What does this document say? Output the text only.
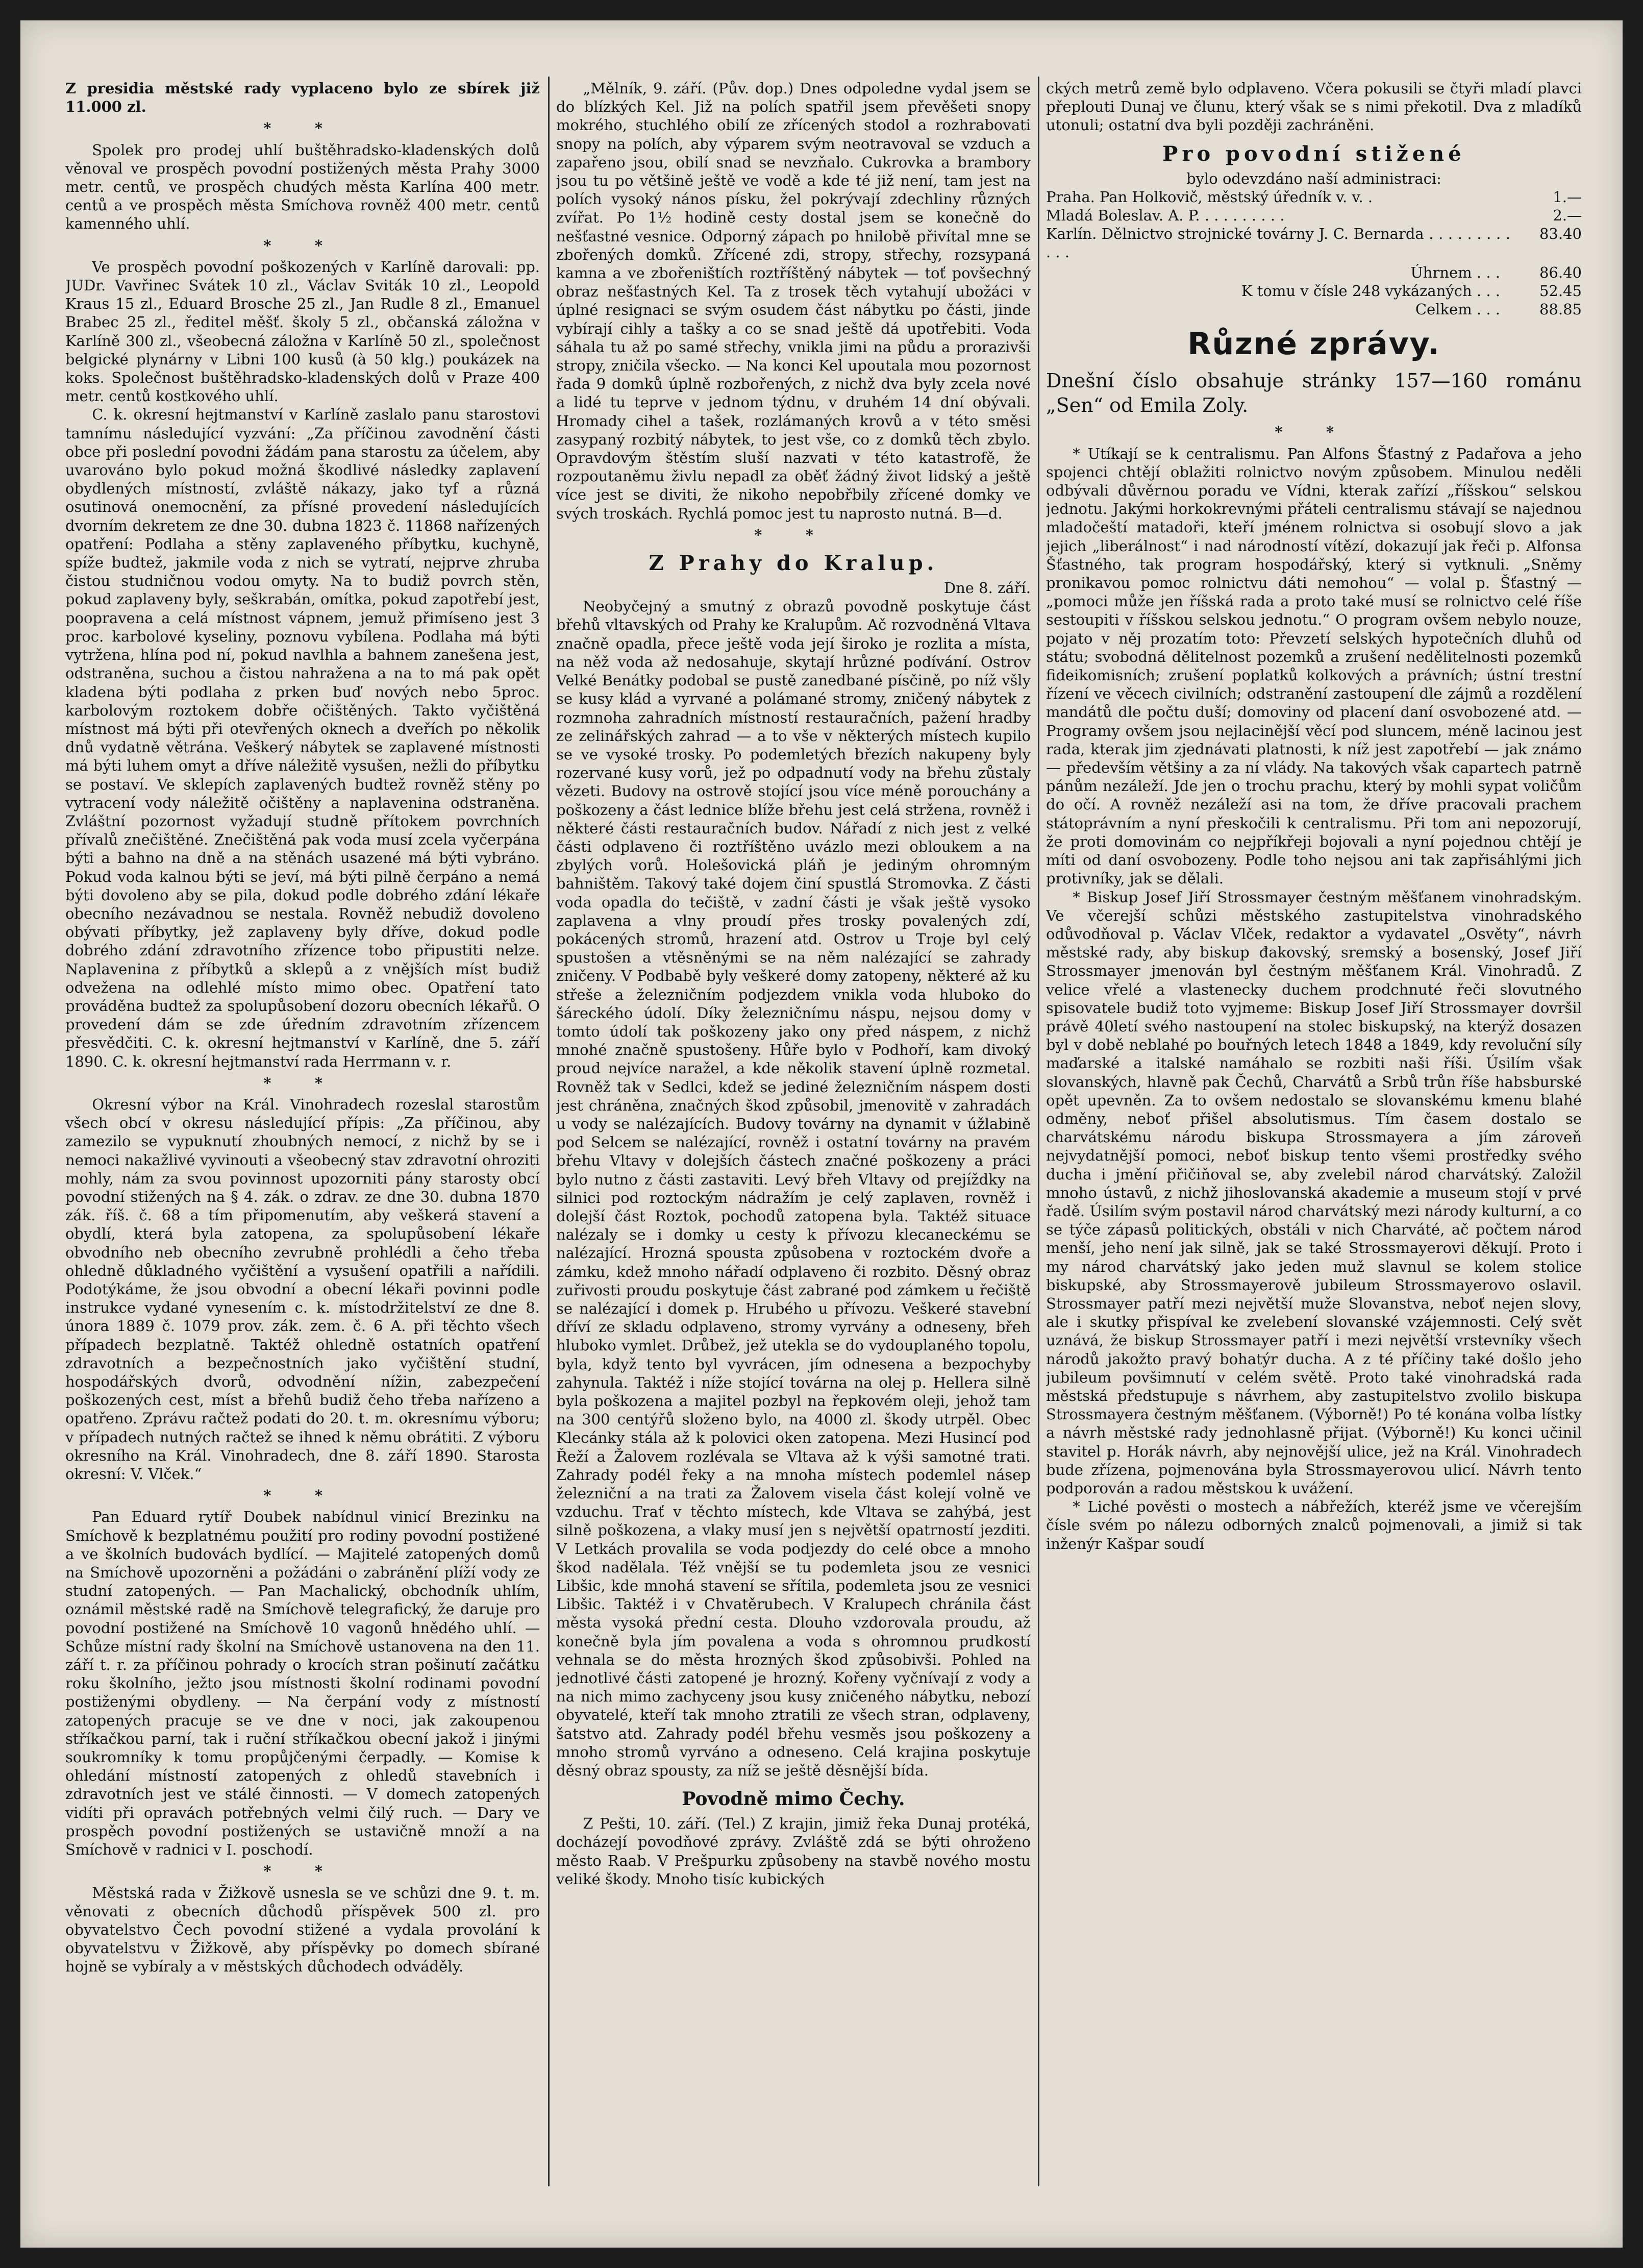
Z presidia městské rady vyplaceno bylo ze sbírek již 11.000 zl.

* *

Spolek pro prodej uhlí buštěhradsko-kladenských dolů věnoval ve prospěch povodní postižených města Prahy 3000 metr. centů, ve prospěch chudých města Karlína 400 metr. centů a ve prospěch města Smíchova rovněž 400 metr. centů kamenného uhlí.

* *

Ve prospěch povodní poškozených v Karlíně darovali: pp. JUDr. Vavřinec Svátek 10 zl., Václav Sviták 10 zl., Leopold Kraus 15 zl., Eduard Brosche 25 zl., Jan Rudle 8 zl., Emanuel Brabec 25 zl., ředitel měšť. školy 5 zl., občanská záložna v Karlíně 300 zl., všeobecná záložna v Karlíně 50 zl., společnost belgické plynárny v Libni 100 kusů (à 50 klg.) poukázek na koks. Společnost buštěhradsko-kladenských dolů v Praze 400 metr. centů kostkového uhlí.

C. k. okresní hejtmanství v Karlíně zaslalo panu starostovi tamnímu následující vyzvání: „Za příčinou zavodnění části obce při poslední povodni žádám pana starostu za účelem, aby uvarováno bylo pokud možná škodlivé následky zaplavení obydlených místností, zvláště nákazy, jako tyf a různá osutinová onemocnění, za přísné provedení následujících dvorním dekretem ze dne 30. dubna 1823 č. 11868 nařízených opatření: Podlaha a stěny zaplaveného příbytku, kuchyně, spíže budtež, jakmile voda z nich se vytratí, nejprve zhruba čistou studničnou vodou omyty. Na to budiž povrch stěn, pokud zaplaveny byly, seškrabán, omítka, pokud zapotřebí jest, poopravena a celá místnost vápnem, jemuž přimíseno jest 3 proc. karbolové kyseliny, poznovu vybílena. Podlaha má býti vytržena, hlína pod ní, pokud navlhla a bahnem zanešena jest, odstraněna, suchou a čistou nahražena a na to má pak opět kladena býti podlaha z prken buď nových nebo 5proc. karbolovým roztokem dobře očištěných. Takto vyčištěná místnost má býti při otevřených oknech a dveřích po několik dnů vydatně větrána. Veškerý nábytek se zaplavené místnosti má býti luhem omyt a dříve náležitě vysušen, nežli do příbytku se postaví. Ve sklepích zaplavených budtež rovněž stěny po vytracení vody náležitě očištěny a naplavenina odstraněna. Zvláštní pozornost vyžadují studně přítokem povrchních přívalů znečištěné. Znečištěná pak voda musí zcela vyčerpána býti a bahno na dně a na stěnách usazené má býti vybráno. Pokud voda kalnou býti se jeví, má býti pilně čerpáno a nemá býti dovoleno aby se pila, dokud podle dobrého zdání lékaře obecního nezávadnou se nestala. Rovněž nebudiž dovoleno obývati příbytky, jež zaplaveny byly dříve, dokud podle dobrého zdání zdravotního zřízence tobo připustiti nelze. Naplavenina z příbytků a sklepů a z vnějších míst budiž odvežena na odlehlé místo mimo obec. Opatření tato prováděna budtež za spolupůsobení dozoru obecních lékařů. O provedení dám se zde úředním zdravotním zřízencem přesvědčiti. C. k. okresní hejtmanství v Karlíně, dne 5. září 1890. C. k. okresní hejtmanství rada Herrmann v. r.

* *

Okresní výbor na Král. Vinohradech rozeslal starostům všech obcí v okresu následující přípis: „Za příčinou, aby zamezilo se vypuknutí zhoubných nemocí, z nichž by se i nemoci nakažlivé vyvinouti a všeobecný stav zdravotní ohroziti mohly, nám za svou povinnost upozorniti pány starosty obcí povodní stižených na § 4. zák. o zdrav. ze dne 30. dubna 1870 zák. říš. č. 68 a tím připomenutím, aby veškerá stavení a obydlí, která byla zatopena, za spolupůsobení lékaře obvodního neb obecního zevrubně prohlédli a čeho třeba ohledně důkladného vyčištění a vysušení opatřili a nařídili. Podotýkáme, že jsou obvodní a obecní lékaři povinni podle instrukce vydané vynesením c. k. místodržitelství ze dne 8. února 1889 č. 1079 prov. zák. zem. č. 6 A. při těchto všech případech bezplatně. Taktéž ohledně ostatních opatření zdravotních a bezpečnostních jako vyčištění studní, hospodářských dvorů, odvodnění nížin, zabezpečení poškozených cest, míst a břehů budiž čeho třeba nařízeno a opatřeno. Zprávu račtež podati do 20. t. m. okresnímu výboru; v případech nutných račtež se ihned k němu obrátiti. Z výboru okresního na Král. Vinohradech, dne 8. září 1890. Starosta okresní: V. Vlček.“

* *

Pan Eduard rytíř Doubek nabídnul vinicí Brezinku na Smíchově k bezplatnému použití pro rodiny povodní postižené a ve školních budovách bydlící. — Majitelé zatopených domů na Smíchově upozorněni a požádáni o zabránění plíží vody ze studní zatopených. — Pan Machalický, obchodník uhlím, oznámil městské radě na Smíchově telegrafický, že daruje pro povodní postižené na Smíchově 10 vagonů hnědého uhlí. — Schůze místní rady školní na Smíchově ustanovena na den 11. září t. r. za příčinou pohrady o krocích stran pošinutí začátku roku školního, ježto jsou místnosti školní rodinami povodní postiženými obydleny. — Na čerpání vody z místností zatopených pracuje se ve dne v noci, jak zakoupenou stříkačkou parní, tak i ruční stříkačkou obecní jakož i jinými soukromníky k tomu propůjčenými čerpadly. — Komise k ohledání místností zatopených z ohledů stavebních i zdravotních jest ve stálé činnosti. — V domech zatopených vidíti při opravách potřebných velmi čilý ruch. — Dary ve prospěch povodní postižených se ustavičně množí a na Smíchově v radnici v I. poschodí.

* *

Městská rada v Žižkově usnesla se ve schůzi dne 9. t. m. věnovati z obecních důchodů příspěvek 500 zl. pro obyvatelstvo Čech povodní stižené a vydala provolání k obyvatelstvu v Žižkově, aby příspěvky po domech sbírané hojně se vybíraly a v městských důchodech odváděly.

„Mělník, 9. září. (Pův. dop.) Dnes odpoledne vydal jsem se do blízkých Kel. Již na polích spatřil jsem převěšeti snopy mokrého, stuchlého obilí ze zřícených stodol a rozhrabovati snopy na polích, aby výparem svým neotravoval se vzduch a zapařeno jsou, obilí snad se nevzňalo. Cukrovka a brambory jsou tu po většině ještě ve vodě a kde té již není, tam jest na polích vysoký nános písku, žel pokrývají zdechliny různých zvířat. Po 1½ hodině cesty dostal jsem se konečně do nešťastné vesnice. Odporný zápach po hnilobě přivítal mne se zbořených domků. Zřícené zdi, stropy, střechy, rozsypaná kamna a ve zbořeništích roztříštěný nábytek — toť povšechný obraz nešťastných Kel. Ta z trosek těch vytahují ubožáci v úplné resignaci se svým osudem část nábytku po části, jinde vybírají cihly a tašky a co se snad ještě dá upotřebiti. Voda sáhala tu až po samé střechy, vnikla jimi na půdu a prorazivši stropy, zničila všecko. — Na konci Kel upoutala mou pozornost řada 9 domků úplně rozbořených, z nichž dva byly zcela nové a lidé tu teprve v jednom týdnu, v druhém 14 dní obývali. Hromady cihel a tašek, rozlámaných krovů a v této směsi zasypaný rozbitý nábytek, to jest vše, co z domků těch zbylo. Opravdovým štěstím sluší nazvati v této katastrofě, že rozpoutaněmu živlu nepadl za oběť žádný život lidský a ještě více jest se diviti, že nikoho nepobřbily zřícené domky ve svých troskách. Rychlá pomoc jest tu naprosto nutná. B—d.

* *
Z Prahy do Kralup.
Dne 8. září.

Neobyčejný a smutný z obrazů povodně poskytuje část břehů vltavských od Prahy ke Kralupům. Ač rozvodněná Vltava značně opadla, přece ještě voda její široko je rozlita a místa, na něž voda až nedosahuje, skytají hrůzné podívání. Ostrov Velké Benátky podobal se pustě zanedbané písčině, po níž všly se kusy klád a vyrvané a polámané stromy, zničený nábytek z rozmnoha zahradních místností restauračních, pažení hradby ze zelinářských zahrad — a to vše v některých místech kupilo se ve vysoké trosky. Po podemletých březích nakupeny byly rozervané kusy vorů, jež po odpadnutí vody na břehu zůstaly vězeti. Budovy na ostrově stojící jsou více méně porouchány a poškozeny a část lednice blíže břehu jest celá stržena, rovněž i některé části restauračních budov. Nářadí z nich jest z velké části odplaveno či roztříštěno uvázlo mezi obloukem a na zbylých vorů. Holešovická pláň je jediným ohromným bahništěm. Takový také dojem činí spustlá Stromovka. Z části voda opadla do tečiště, v zadní části je však ještě vysoko zaplavena a vlny proudí přes trosky povalených zdí, pokácených stromů, hrazení atd. Ostrov u Troje byl celý spustošen a vtěsněnými se na něm nalézající se zahrady zničeny. V Podbabě byly veškeré domy zatopeny, některé až ku střeše a železničním podjezdem vnikla voda hluboko do šáreckého údolí. Díky železničnímu náspu, nejsou domy v tomto údolí tak poškozeny jako ony před náspem, z nichž mnohé značně spustošeny. Hůře bylo v Podhoří, kam divoký proud nejvíce naražel, a kde několik stavení úplně rozmetal. Rovněž tak v Sedlci, kdež se jediné železničním náspem dosti jest chráněna, značných škod způsobil, jmenovitě v zahradách u vody se nalézajících. Budovy továrny na dynamit v úžlabině pod Selcem se nalézající, rovněž i ostatní továrny na pravém břehu Vltavy v dolejších částech značné poškozeny a práci bylo nutno z části zastaviti. Levý břeh Vltavy od prejíždky na silnici pod roztockým nádražím je celý zaplaven, rovněž i dolejší část Roztok, pochodů zatopena byla. Taktéž situace nalézaly se i domky u cesty k přívozu klecaneckému se nalézající. Hrozná spousta způsobena v roztockém dvoře a zámku, kdež mnoho nářadí odplaveno či rozbito. Děsný obraz zuřivosti proudu poskytuje část zabrané pod zámkem u řečiště se nalézající i domek p. Hrubého u přívozu. Veškeré stavební dříví ze skladu odplaveno, stromy vyrvány a odneseny, břeh hluboko vymlet. Drůbež, jež utekla se do vydouplaného topolu, byla, když tento byl vyvrácen, jím odnesena a bezpochyby zahynula. Taktéž i níže stojící továrna na olej p. Hellera silně byla poškozena a majitel pozbyl na řepkovém oleji, jehož tam na 300 centýřů složeno bylo, na 4000 zl. škody utrpěl. Obec Klecánky stála až k polovici oken zatopena. Mezi Husincí pod Řeží a Žalovem rozlévala se Vltava až k výši samotné trati. Zahrady podél řeky a na mnoha místech podemlel násep železniční a na trati za Žalovem visela část kolejí volně ve vzduchu. Trať v těchto místech, kde Vltava se zahýbá, jest silně poškozena, a vlaky musí jen s největší opatrností jezditi. V Letkách provalila se voda podjezdy do celé obce a mnoho škod nadělala. Též vnější se tu podemleta jsou ze vesnici Libšic, kde mnohá stavení se sřítila, podemleta jsou ze vesnici Libšic. Taktéž i v Chvatěrubech. V Kralupech chránila část města vysoká přední cesta. Dlouho vzdorovala proudu, až konečně byla jím povalena a voda s ohromnou prudkostí vehnala se do města hrozných škod způsobivši. Pohled na jednotlivé části zatopené je hrozný. Kořeny vyčnívají z vody a na nich mimo zachyceny jsou kusy zničeného nábytku, nebozí obyvatelé, kteří tak mnoho ztratili ze všech stran, odplaveny, šatstvo atd. Zahrady podél břehu vesměs jsou poškozeny a mnoho stromů vyrváno a odneseno. Celá krajina poskytuje děsný obraz spousty, za níž se ještě děsnější bída.

Povodně mimo Čechy.

Z Pešti, 10. září. (Tel.) Z krajin, jimiž řeka Dunaj protéká, docházejí povodňové zprávy. Zvláště zdá se býti ohroženo město Raab. V Prešpurku způsobeny na stavbě nového mostu veliké škody. Mnoho tisíc kubických

ckých metrů země bylo odplaveno. Včera pokusili se čtyři mladí plavci přeplouti Dunaj ve člunu, který však se s nimi překotil. Dva z mladíků utonuli; ostatní dva byli později zachráněni.

Pro povodní stižené
bylo odevzdáno naší administraci:
Praha. Pan Holkovič, městský úředník v. v. .	1.—
Mladá Boleslav. A. P. . . . . . . . . .	2.—
Karlín. Dělnictvo strojnické továrny J. C. Bernarda . . . . . . . . . . . .	83.40
Úhrnem . . .	86.40
K tomu v čísle 248 vykázaných . . .	52.45
Celkem . . .	88.85
Různé zprávy.
Dnešní číslo obsahuje stránky 157—160 románu „Sen“ od Emila Zoly.
* *

* Utíkají se k centralismu. Pan Alfons Šťastný z Padařova a jeho spojenci chtějí oblažiti rolnictvo novým způsobem. Minulou neděli odbývali důvěrnou poradu ve Vídni, kterak zařízí „říšskou“ selskou jednotu. Jakými horkokrevnými přáteli centralismu stávají se najednou mladočeští matadoři, kteří jménem rolnictva si osobují slovo a jak jejich „liberálnost“ i nad národností vítězí, dokazují jak řeči p. Alfonsa Šťastného, tak program hospodářský, který si vytknuli. „Sněmy pronikavou pomoc rolnictvu dáti nemohou“ — volal p. Šťastný — „pomoci může jen říšská rada a proto také musí se rolnictvo celé říše sestoupiti v říšskou selskou jednotu.“ O program ovšem nebylo nouze, pojato v něj prozatím toto: Převzetí selských hypotečních dluhů od státu; svobodná dělitelnost pozemků a zrušení nedělitelnosti pozemků fideikomisních; zrušení poplatků kolkových a právních; ústní trestní řízení ve věcech civilních; odstranění zastoupení dle zájmů a rozdělení mandátů dle počtu duší; domoviny od placení daní osvobozené atd. — Programy ovšem jsou nejlacinější věcí pod sluncem, méně lacinou jest rada, kterak jim zjednávati platnosti, k níž jest zapotřebí — jak známo — především většiny a za ní vlády. Na takových však capartech patrně pánům nezáleží. Jde jen o trochu prachu, který by mohli sypat voličům do očí. A rovněž nezáleží asi na tom, že dříve pracovali prachem státoprávním a nyní přeskočili k centralismu. Při tom ani nepozorují, že proti domovinám co nejpříkřeji bojovali a nyní pojednou chtějí je míti od daní osvobozeny. Podle toho nejsou ani tak zapřisáhlými jich protivníky, jak se dělali.

* Biskup Josef Jiří Strossmayer čestným měšťanem vinohradským. Ve včerejší schůzi městského zastupitelstva vinohradského odůvodňoval p. Václav Vlček, redaktor a vydavatel „Osvěty“, návrh městské rady, aby biskup đakovský, sremský a bosenský, Josef Jiří Strossmayer jmenován byl čestným měšťanem Král. Vinohradů. Z velice vřelé a vlastenecky duchem prodchnuté řeči slovutného spisovatele budiž toto vyjmeme: Biskup Josef Jiří Strossmayer dovršil právě 40letí svého nastoupení na stolec biskupský, na kterýž dosazen byl v době neblahé po bouřných letech 1848 a 1849, kdy revoluční síly maďarské a italské namáhalo se rozbiti naši říši. Úsilím však slovanských, hlavně pak Čechů, Charvátů a Srbů trůn říše habsburské opět upevněn. Za to ovšem nedostalo se slovanskému kmenu blahé odměny, neboť přišel absolutismus. Tím časem dostalo se charvátskému národu biskupa Strossmayera a jím zároveň nejvydatnější pomoci, neboť biskup tento všemi prostředky svého ducha i jmění přičiňoval se, aby zvelebil národ charvátský. Založil mnoho ústavů, z nichž jihoslovanská akademie a museum stojí v prvé řadě. Úsilím svým postavil národ charvátský mezi národy kulturní, a co se týče zápasů politických, obstáli v nich Charváté, ač počtem národ menší, jeho není jak silně, jak se také Strossmayerovi děkují. Proto i my národ charvátský jako jeden muž slavnul se kolem stolice biskupské, aby Strossmayerově jubileum Strossmayerovo oslavil. Strossmayer patří mezi největší muže Slovanstva, neboť nejen slovy, ale i skutky přispíval ke zvelebení slovanské vzájemnosti. Celý svět uznává, že biskup Strossmayer patří i mezi největší vrstevníky všech národů jakožto pravý bohatýr ducha. A z té příčiny také došlo jeho jubileum povšimnutí v celém světě. Proto také vinohradská rada městská předstupuje s návrhem, aby zastupitelstvo zvolilo biskupa Strossmayera čestným měšťanem. (Výborně!) Po té konána volba lístky a návrh městské rady jednohlasně přijat. (Výborně!) Ku konci učinil stavitel p. Horák návrh, aby nejnovější ulice, jež na Král. Vinohradech bude zřízena, pojmenována byla Strossmayerovou ulicí. Návrh tento podporován a radou městskou k uvážení.

* Liché pověsti o mostech a nábřežích, kteréž jsme ve včerejším čísle svém po nálezu odborných znalců pojmenovali, a jimiž si tak inženýr Kašpar soudí
